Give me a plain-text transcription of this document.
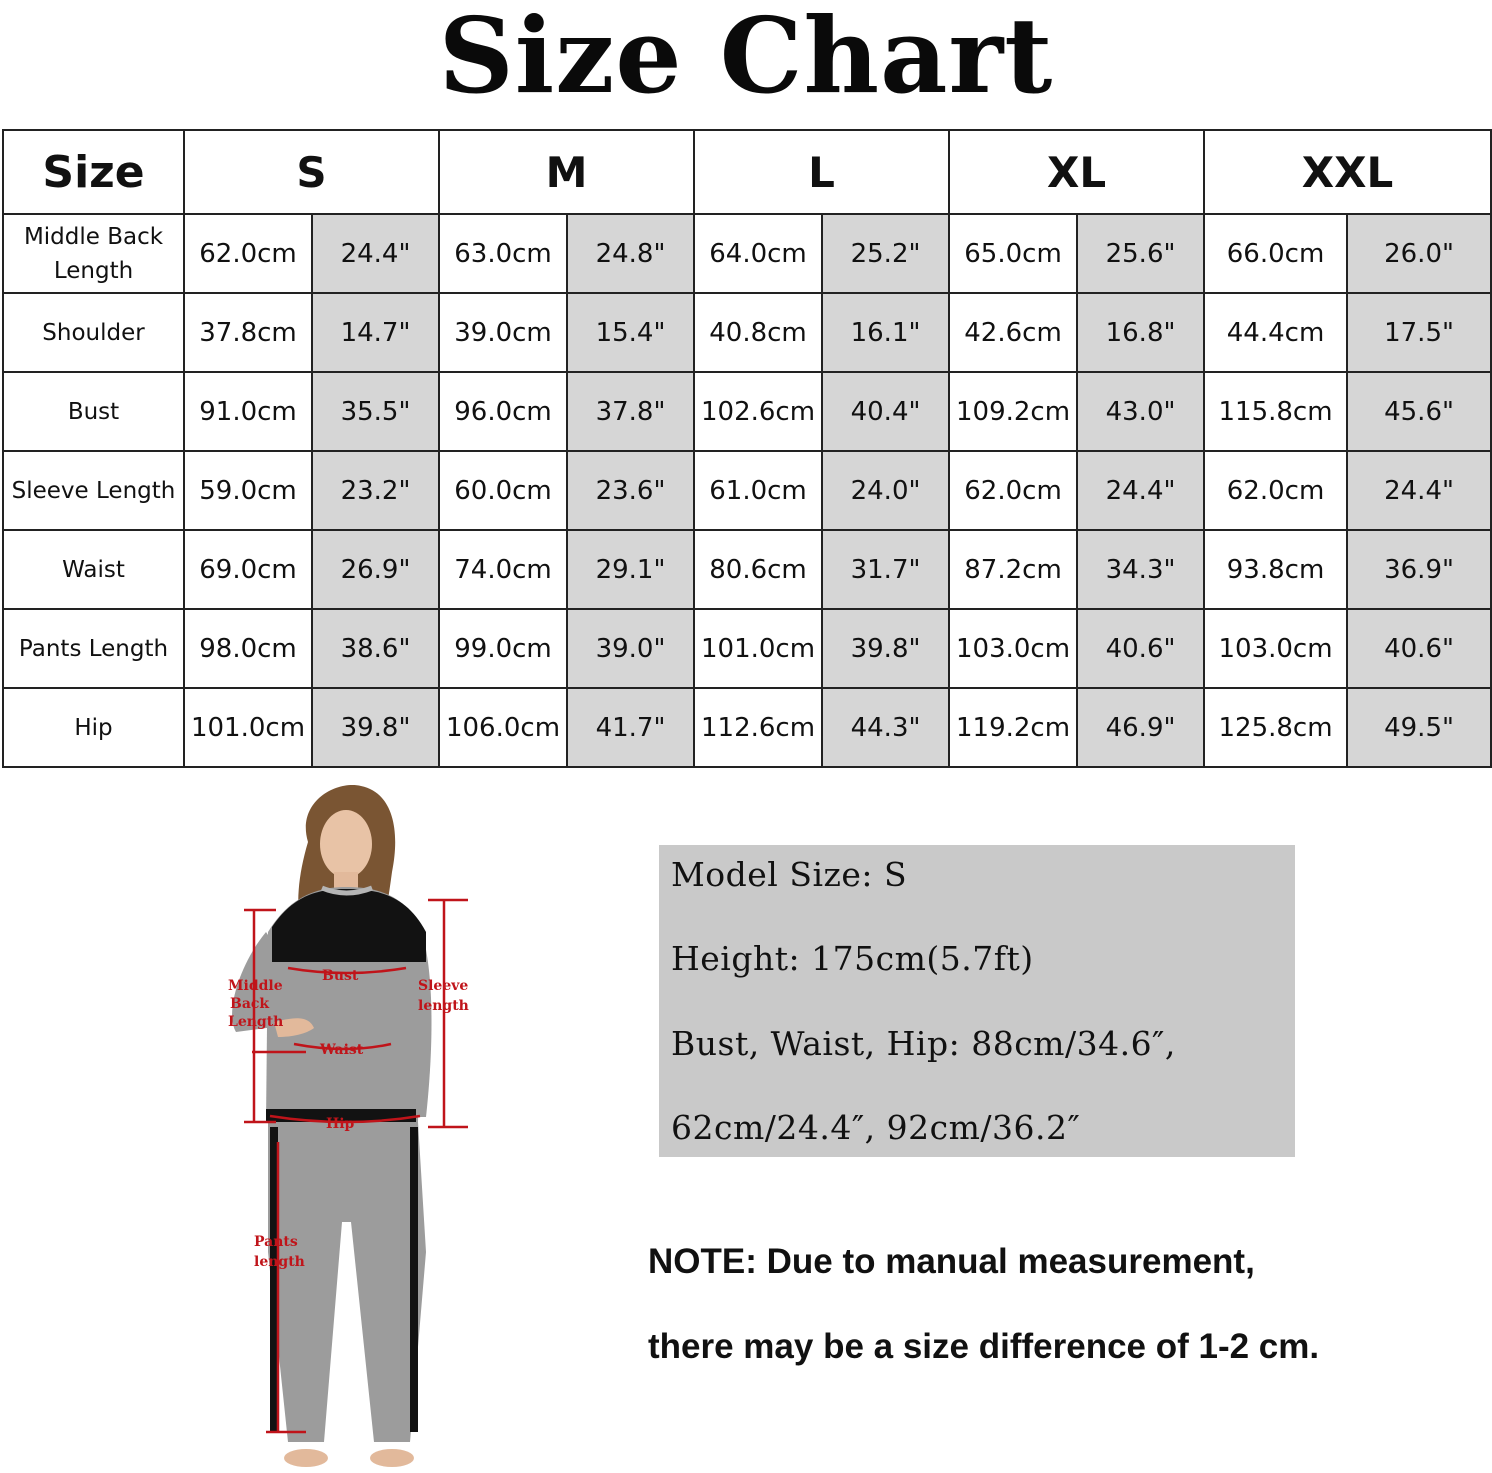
Size Chart
Size	S		M		L		XL		XXL	
Middle Back Length	62.0cm	24.4"	63.0cm	24.8"	64.0cm	25.2"	65.0cm	25.6"	66.0cm	26.0"
Shoulder	37.8cm	14.7"	39.0cm	15.4"	40.8cm	16.1"	42.6cm	16.8"	44.4cm	17.5"
Bust	91.0cm	35.5"	96.0cm	37.8"	102.6cm	40.4"	109.2cm	43.0"	115.8cm	45.6"
Sleeve Length	59.0cm	23.2"	60.0cm	23.6"	61.0cm	24.0"	62.0cm	24.4"	62.0cm	24.4"
Waist	69.0cm	26.9"	74.0cm	29.1"	80.6cm	31.7"	87.2cm	34.3"	93.8cm	36.9"
Pants Length	98.0cm	38.6"	99.0cm	39.0"	101.0cm	39.8"	103.0cm	40.6"	103.0cm	40.6"
Hip	101.0cm	39.8"	106.0cm	41.7"	112.6cm	44.3"	119.2cm	46.9"	125.8cm	49.5"
Bust
Middle
Back
Length
Sleeve
length
Waist
Hip
Pants
length
Model Size: S
Height: 175cm(5.7ft)
Bust, Waist, Hip: 88cm/34.6″,
62cm/24.4″, 92cm/36.2″
NOTE: Due to manual measurement,
there may be a size difference of 1-2 cm.
